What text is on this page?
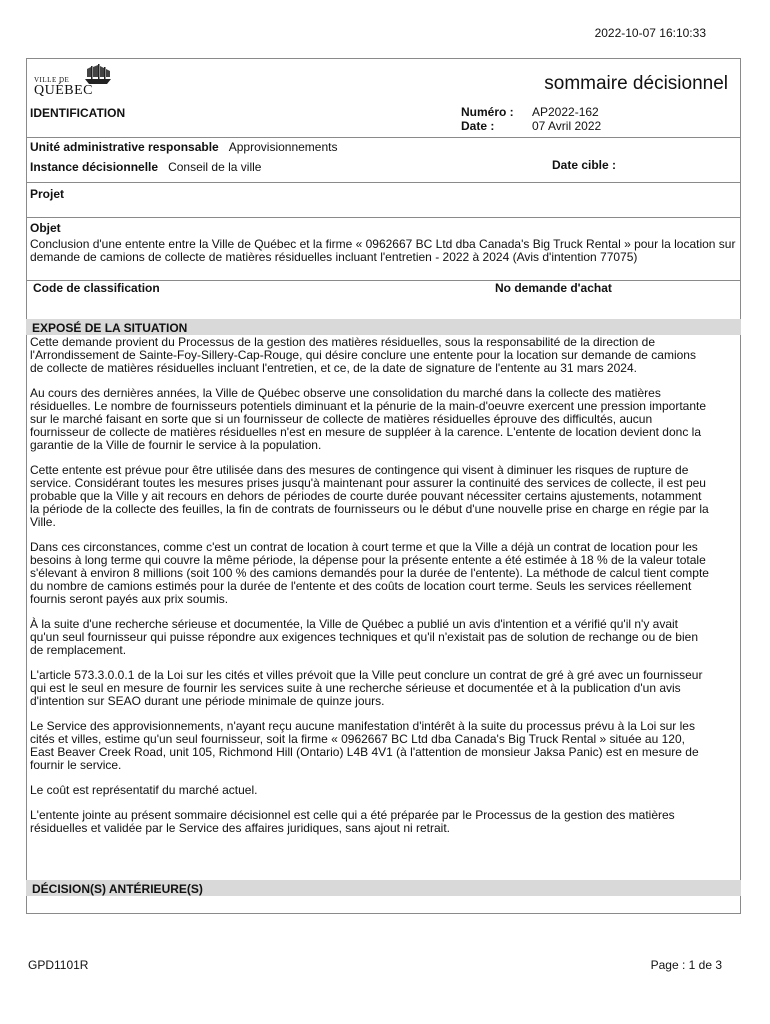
2022-10-07 16:10:33
VILLE DE
QUÉBEC	sommaire décisionnel
IDENTIFICATION	Numéro : AP2022-162
Date :	07 Avril 2022
Unité administrative responsable Approvisionnements
Instance décisionnelle Conseil de la ville	Date cible :
Projet
Objet
Conclusion d'une entente entre la Ville de Québec et la firme « 0962667 BC Ltd dba Canada's Big Truck Rental » pour la location sur demande de camions de collecte de matières résiduelles incluant l'entretien - 2022 à 2024 (Avis d'intention 77075)
Code de classification	No demande d'achat
EXPOSÉ DE LA SITUATION

Cette demande provient du Processus de la gestion des matières résiduelles, sous la responsabilité de la direction de l'Arrondissement de Sainte-Foy-Sillery-Cap-Rouge, qui désire conclure une entente pour la location sur demande de camions de collecte de matières résiduelles incluant l'entretien, et ce, de la date de signature de l'entente au 31 mars 2024.

Au cours des dernières années, la Ville de Québec observe une consolidation du marché dans la collecte des matières résiduelles. Le nombre de fournisseurs potentiels diminuant et la pénurie de la main-d'oeuvre exercent une pression importante sur le marché faisant en sorte que si un fournisseur de collecte de matières résiduelles éprouve des difficultés, aucun fournisseur de collecte de matières résiduelles n'est en mesure de suppléer à la carence. L'entente de location devient donc la garantie de la Ville de fournir le service à la population.

Cette entente est prévue pour être utilisée dans des mesures de contingence qui visent à diminuer les risques de rupture de service. Considérant toutes les mesures prises jusqu'à maintenant pour assurer la continuité des services de collecte, il est peu probable que la Ville y ait recours en dehors de périodes de courte durée pouvant nécessiter certains ajustements, notamment la période de la collecte des feuilles, la fin de contrats de fournisseurs ou le début d'une nouvelle prise en charge en régie par la Ville.

Dans ces circonstances, comme c'est un contrat de location à court terme et que la Ville a déjà un contrat de location pour les besoins à long terme qui couvre la même période, la dépense pour la présente entente a été estimée à 18 % de la valeur totale s'élevant à environ 8 millions (soit 100 % des camions demandés pour la durée de l'entente). La méthode de calcul tient compte du nombre de camions estimés pour la durée de l'entente et des coûts de location court terme. Seuls les services réellement fournis seront payés aux prix soumis.

À la suite d'une recherche sérieuse et documentée, la Ville de Québec a publié un avis d'intention et a vérifié qu'il n'y avait qu'un seul fournisseur qui puisse répondre aux exigences techniques et qu'il n'existait pas de solution de rechange ou de bien de remplacement.

L'article 573.3.0.0.1 de la Loi sur les cités et villes prévoit que la Ville peut conclure un contrat de gré à gré avec un fournisseur qui est le seul en mesure de fournir les services suite à une recherche sérieuse et documentée et à la publication d'un avis d'intention sur SEAO durant une période minimale de quinze jours.

Le Service des approvisionnements, n'ayant reçu aucune manifestation d'intérêt à la suite du processus prévu à la Loi sur les cités et villes, estime qu'un seul fournisseur, soit la firme « 0962667 BC Ltd dba Canada's Big Truck Rental » située au 120, East Beaver Creek Road, unit 105, Richmond Hill (Ontario) L4B 4V1 (à l'attention de monsieur Jaksa Panic) est en mesure de fournir le service.

Le coût est représentatif du marché actuel.

L'entente jointe au présent sommaire décisionnel est celle qui a été préparée par le Processus de la gestion des matières résiduelles et validée par le Service des affaires juridiques, sans ajout ni retrait.

DÉCISION(S) ANTÉRIEURE(S)
GPD1101R	Page : 1 de 3
